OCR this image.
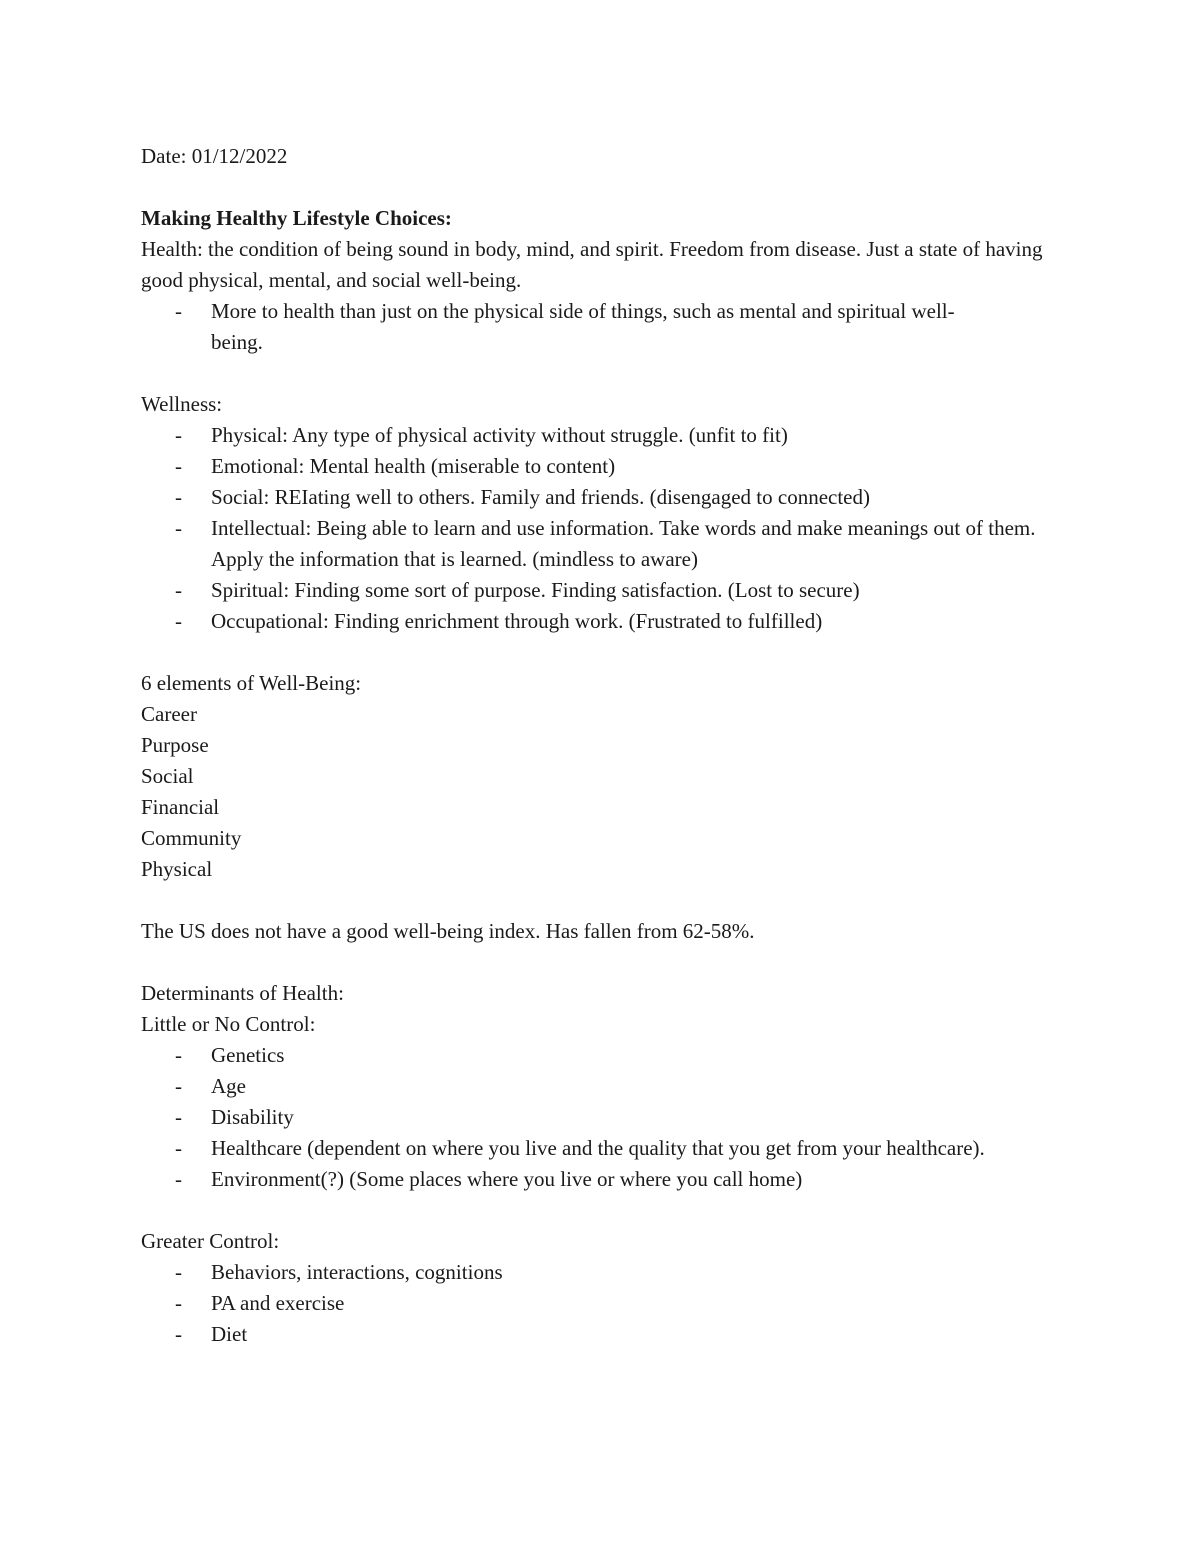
Date: 01/12/2022
Making Healthy Lifestyle Choices:
Health: the condition of being sound in body, mind, and spirit. Freedom from disease. Just a state of having good physical, mental, and social well-being.
- More to health than just on the physical side of things, such as mental and spiritual well-being.
Wellness:
- Physical: Any type of physical activity without struggle. (unfit to fit)
- Emotional: Mental health (miserable to content)
- Social: REIating well to others. Family and friends. (disengaged to connected)
- Intellectual: Being able to learn and use information. Take words and make meanings out of them. Apply the information that is learned. (mindless to aware)
- Spiritual: Finding some sort of purpose. Finding satisfaction. (Lost to secure)
- Occupational: Finding enrichment through work. (Frustrated to fulfilled)
6 elements of Well-Being:
Career
Purpose
Social
Financial
Community
Physical
The US does not have a good well-being index. Has fallen from 62-58%.
Determinants of Health:
Little or No Control:
- Genetics
- Age
- Disability
- Healthcare (dependent on where you live and the quality that you get from your healthcare).
- Environment(?) (Some places where you live or where you call home)
Greater Control:
- Behaviors, interactions, cognitions
- PA and exercise
- Diet
